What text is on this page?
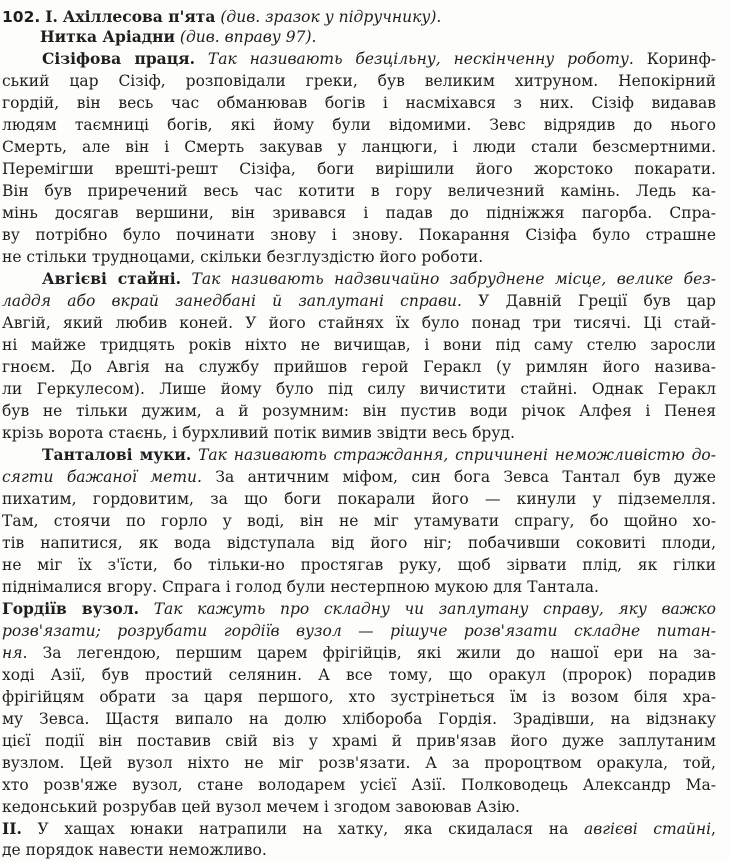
102. І. Ахіллесова п'ята (див. зразок у підручнику).
Нитка Аріадни (див. вправу 97).
Сізіфова праця. Так називають безцільну, нескінченну роботу. Коринф-
ський цар Сізіф, розповідали греки, був великим хитруном. Непокірний
гордій, він весь час обманював богів і насміхався з них. Сізіф видавав
людям таємниці богів, які йому були відомими. Зевс відрядив до нього
Смерть, але він і Смерть закував у ланцюги, і люди стали безсмертними.
Перемігши врешті-решт Сізіфа, боги вирішили його жорстоко покарати.
Він був приречений весь час котити в гору величезний камінь. Ледь ка-
мінь досягав вершини, він зривався і падав до підніжжя пагорба. Спра-
ву потрібно було починати знову і знову. Покарання Сізіфа було страшне
не стільки трудноцами, скільки безглуздістю його роботи.
Авгієві стайні. Так називають надзвичайно забруднене місце, велике без-
ладдя або вкрай занедбані й заплутані справи. У Давній Греції був цар
Авгій, який любив коней. У його стайнях їх було понад три тисячі. Ці стай-
ні майже тридцять років ніхто не вичищав, і вони під саму стелю заросли
гноєм. До Авгія на службу прийшов герой Геракл (у римлян його назива-
ли Геркулесом). Лише йому було під силу вичистити стайні. Однак Геракл
був не тільки дужим, а й розумним: він пустив води річок Алфея і Пенея
крізь ворота стаєнь, і бурхливий потік вимив звідти весь бруд.
Танталові муки. Так називають страждання, спричинені неможливістю до-
сягти бажаної мети. За античним міфом, син бога Зевса Тантал був дуже
пихатим, гордовитим, за що боги покарали його — кинули у підземелля.
Там, стоячи по горло у воді, він не міг утамувати спрагу, бо щойно хо-
тів напитися, як вода відступала від його ніг; побачивши соковиті плоди,
не міг їх з'їсти, бо тільки-но простягав руку, щоб зірвати плід, як гілки
піднімалися вгору. Спрага і голод були нестерпною мукою для Тантала.
Гордіїв вузол. Так кажуть про складну чи заплутану справу, яку важко
розв'язати; розрубати гордіїв вузол — рішуче розв'язати складне питан-
ня. За легендою, першим царем фрігійців, які жили до нашої ери на за-
ході Азії, був простий селянин. А все тому, що оракул (пророк) порадив
фрігійцям обрати за царя першого, хто зустрінеться їм із возом біля хра-
му Зевса. Щастя випало на долю хлібороба Гордія. Зрадівши, на відзнаку
цієї події він поставив свій віз у храмі й прив'язав його дуже заплутаним
вузлом. Цей вузол ніхто не міг розв'язати. А за пророцтвом оракула, той,
хто розв'яже вузол, стане володарем усієї Азії. Полководець Александр Ма-
кедонський розрубав цей вузол мечем і згодом завоював Азію.
ІІ. У хащах юнаки натрапили на хатку, яка скидалася на авгієві стайні,
де порядок навести неможливо.
